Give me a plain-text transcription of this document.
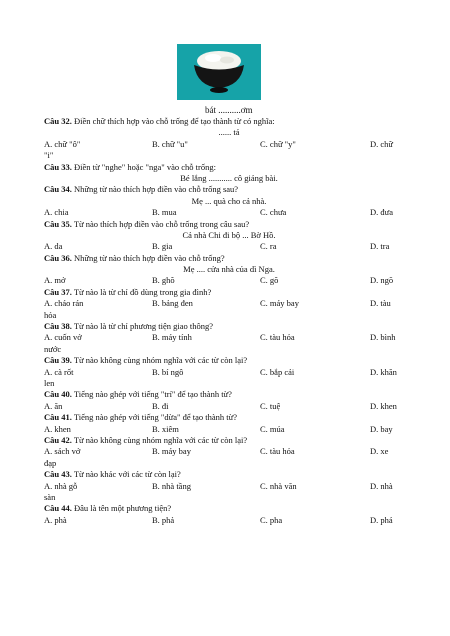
bát ..........ơm
Câu 32. Điền chữ thích hợp vào chỗ trống để tạo thành từ có nghĩa:
...... tả
A. chữ "ô"	B. chữ "u"	C. chữ "y"	D. chữ
"i"
Câu 33. Điền từ "nghe" hoặc "nga" vào chỗ trống:
Bé lắng ........... cô giảng bài.
Câu 34. Những từ nào thích hợp điền vào chỗ trống sau?
Mẹ ... quà cho cả nhà.
A. chia	B. mua	C. chưa	D. đưa
Câu 35. Từ nào thích hợp điền vào chỗ trống trong câu sau?
Cả nhà Chi đi bộ ... Bờ Hồ.
A. da	B. gia	C. ra	D. tra
Câu 36. Những từ nào thích hợp điền vào chỗ trống?
Mẹ .... cửa nhà của dì Nga.
A. mở	B. ghõ	C. gõ	D. ngõ
Câu 37. Từ nào là từ chỉ đồ dùng trong gia đình?
A. cháo rán	B. bảng đen	C. máy bay	D. tàu
hỏa
Câu 38. Từ nào là từ chỉ phương tiện giao thông?
A. cuốn vở	B. máy tính	C. tàu hỏa	D. bình
nước
Câu 39. Từ nào không cùng nhóm nghĩa với các từ còn lại?
A. cà rốt	B. bí ngô	C. bắp cải	D. khăn
len
Câu 40. Tiếng nào ghép với tiếng "trí" để tạo thành từ?
A. ăn	B. đi	C. tuệ	D. khen
Câu 41. Tiếng nào ghép với tiếng "dừa" để tạo thành từ?
A. khen	B. xiêm	C. múa	D. bay
Câu 42. Từ nào không cùng nhóm nghĩa với các từ còn lại?
A. sách vở	B. máy bay	C. tàu hỏa	D. xe
đạp
Câu 43. Từ nào khác với các từ còn lại?
A. nhà gỗ	B. nhà tầng	C. nhà văn	D. nhà
sàn
Câu 44. Đâu là tên một phương tiện?
A. phà	B. phả	C. pha	D. phá
